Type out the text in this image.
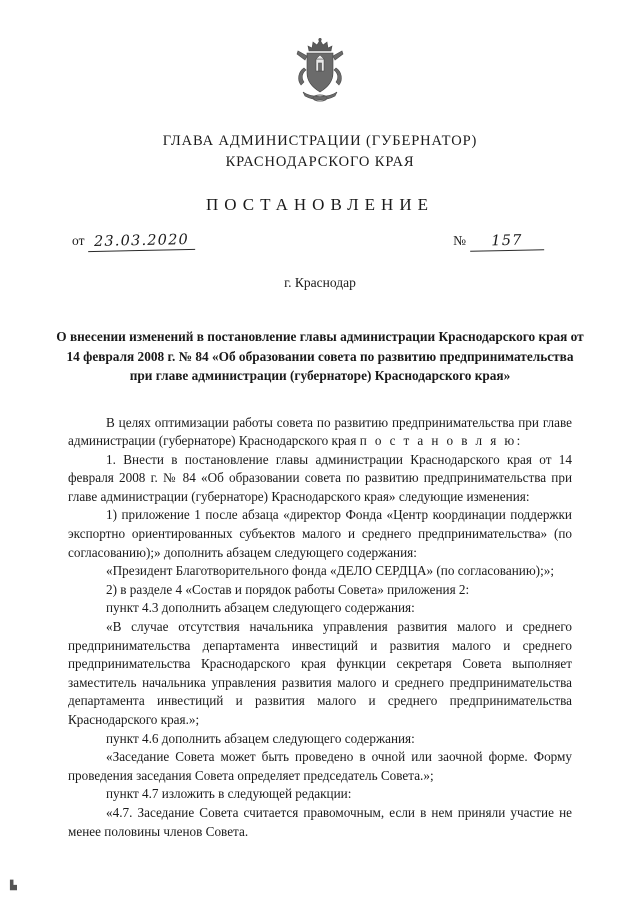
ГЛАВА АДМИНИСТРАЦИИ (ГУБЕРНАТОР)
КРАСНОДАРСКОГО КРАЯ
ПОСТАНОВЛЕНИЕ
от 23.03.2020	№	157
г. Краснодар
О внесении изменений в постановление главы администрации Краснодарского края от 14 февраля 2008 г. № 84 «Об образовании совета по развитию предпринимательства при главе администрации (губернаторе) Краснодарского края»

В целях оптимизации работы совета по развитию предпринимательства при главе администрации (губернаторе) Краснодарского края п о с т а н о в л я ю:

1. Внести в постановление главы администрации Краснодарского края от 14 февраля 2008 г. № 84 «Об образовании совета по развитию предпринимательства при главе администрации (губернаторе) Краснодарского края» следующие изменения:

1) приложение 1 после абзаца «директор Фонда «Центр координации поддержки экспортно ориентированных субъектов малого и среднего предпринимательства» (по согласованию);» дополнить абзацем следующего содержания:

«Президент Благотворительного фонда «ДЕЛО СЕРДЦА» (по согласованию);»;

2) в разделе 4 «Состав и порядок работы Совета» приложения 2:

пункт 4.3 дополнить абзацем следующего содержания:

«В случае отсутствия начальника управления развития малого и среднего предпринимательства департамента инвестиций и развития малого и среднего предпринимательства Краснодарского края функции секретаря Совета выполняет заместитель начальника управления развития малого и среднего предпринимательства департамента инвестиций и развития малого и среднего предпринимательства Краснодарского края.»;

пункт 4.6 дополнить абзацем следующего содержания:

«Заседание Совета может быть проведено в очной или заочной форме. Форму проведения заседания Совета определяет председатель Совета.»;

пункт 4.7 изложить в следующей редакции:

«4.7. Заседание Совета считается правомочным, если в нем приняли участие не менее половины членов Совета.

▙
